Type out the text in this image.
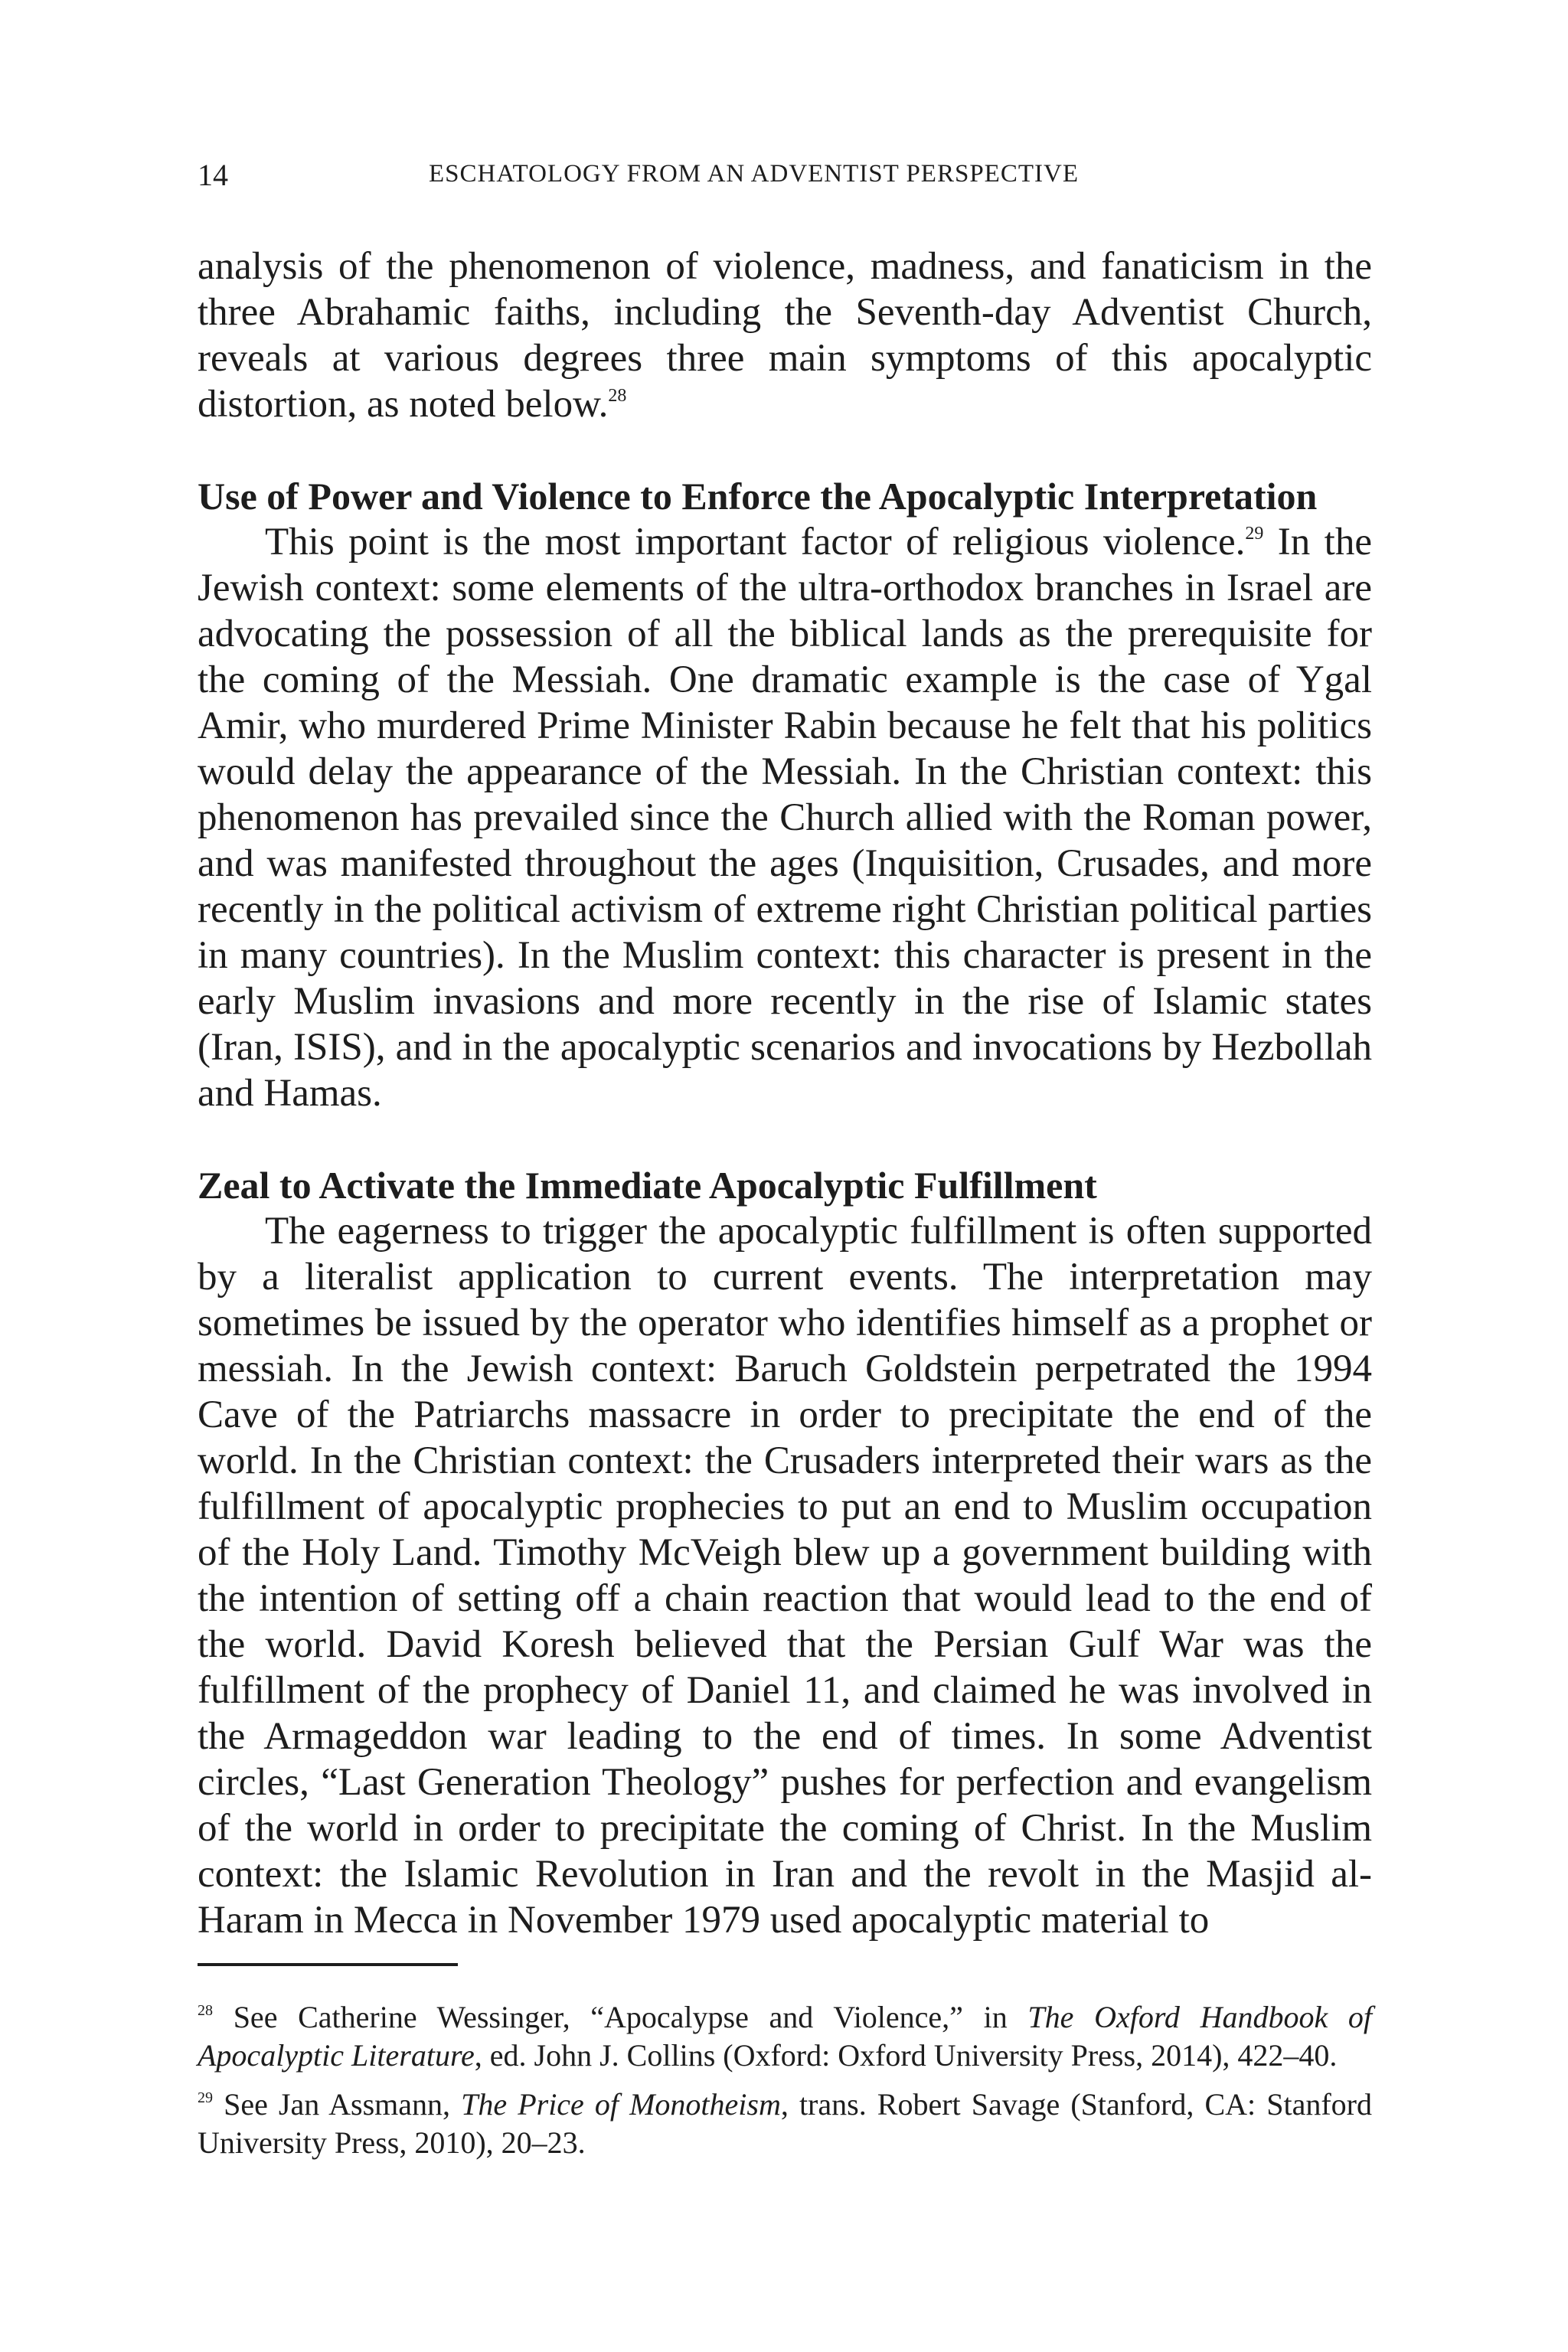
14	ESCHATOLOGY FROM AN ADVENTIST PERSPECTIVE

analysis of the phenomenon of violence, madness, and fanaticism in the three Abrahamic faiths, including the Seventh-day Adventist Church, reveals at various degrees three main symptoms of this apocalyptic distortion, as noted below.$^{28}$

Use of Power and Violence to Enforce the Apocalyptic Interpretation

This point is the most important factor of religious violence.$^{29}$ In the Jewish context: some elements of the ultra-orthodox branches in Israel are advocating the possession of all the biblical lands as the prerequisite for the coming of the Messiah. One dramatic example is the case of Ygal Amir, who murdered Prime Minister Rabin because he felt that his politics would delay the appearance of the Messiah. In the Christian context: this phenomenon has prevailed since the Church allied with the Roman power, and was manifested throughout the ages (Inquisition, Crusades, and more recently in the political activism of extreme right Christian political parties in many countries). In the Muslim context: this character is present in the early Muslim invasions and more recently in the rise of Islamic states (Iran, ISIS), and in the apocalyptic scenarios and invocations by Hezbollah and Hamas.

Zeal to Activate the Immediate Apocalyptic Fulfillment

The eagerness to trigger the apocalyptic fulfillment is often supported by a literalist application to current events. The interpretation may sometimes be issued by the operator who identifies himself as a prophet or messiah. In the Jewish context: Baruch Goldstein perpetrated the 1994 Cave of the Patriarchs massacre in order to precipitate the end of the world. In the Christian context: the Crusaders interpreted their wars as the fulfillment of apocalyptic prophecies to put an end to Muslim occupation of the Holy Land. Timothy McVeigh blew up a government building with the intention of setting off a chain reaction that would lead to the end of the world. David Koresh believed that the Persian Gulf War was the fulfillment of the prophecy of Daniel 11, and claimed he was involved in the Armageddon war leading to the end of times. In some Adventist circles, “Last Generation Theology” pushes for perfection and evangelism of the world in order to precipitate the coming of Christ. In the Muslim context: the Islamic Revolution in Iran and the revolt in the Masjid al-Haram in Mecca in November 1979 used apocalyptic material to

$^{28}$ See Catherine Wessinger, “Apocalypse and Violence,” in The Oxford Handbook of Apocalyptic Literature, ed. John J. Collins (Oxford: Oxford University Press, 2014), 422–40.

$^{29}$ See Jan Assmann, The Price of Monotheism, trans. Robert Savage (Stanford, CA: Stanford University Press, 2010), 20–23.
